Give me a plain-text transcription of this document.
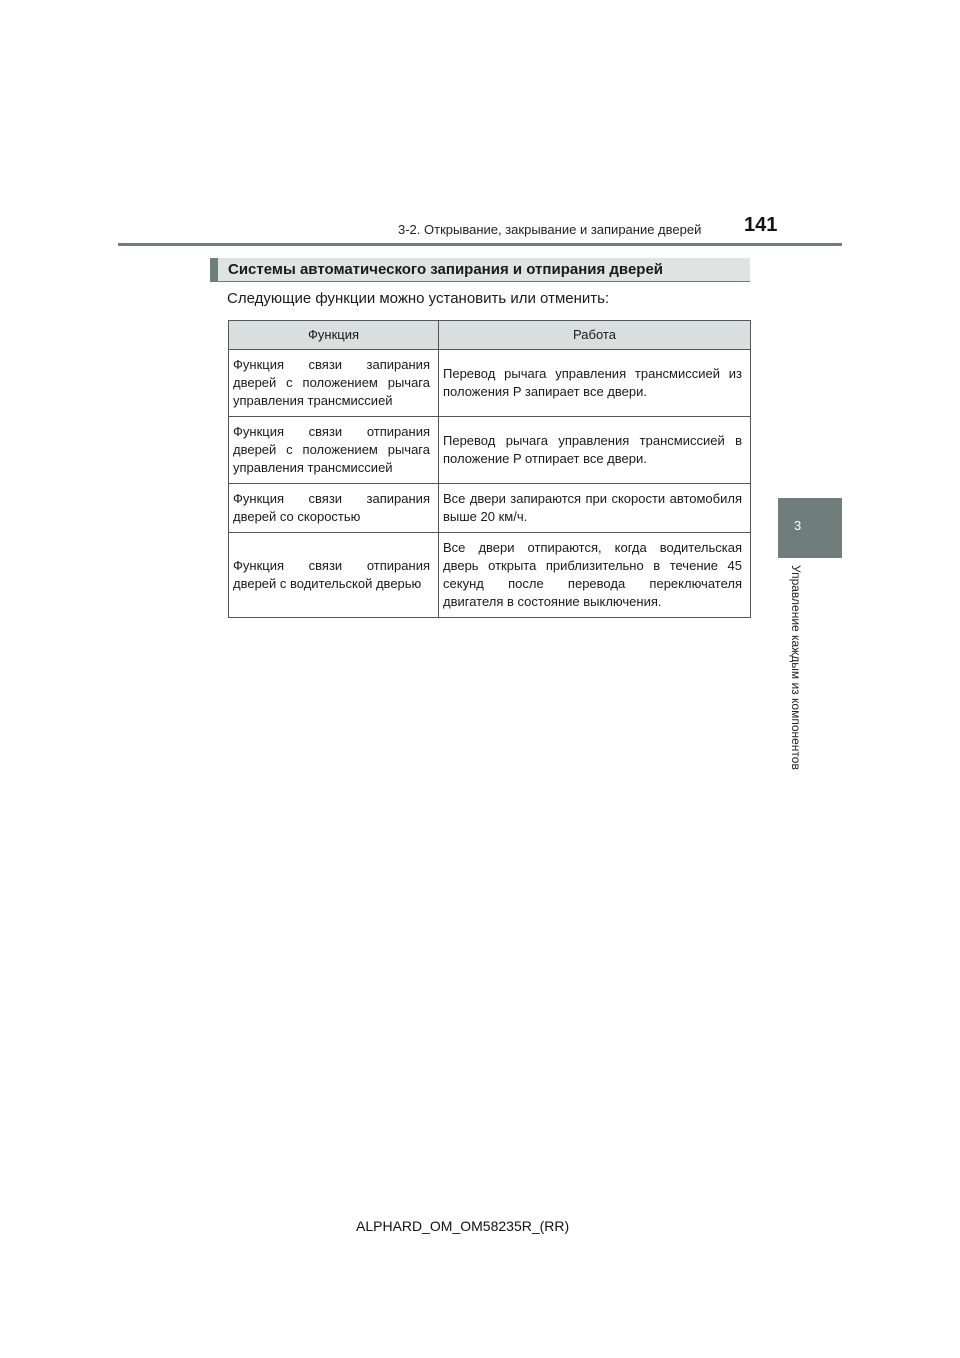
3-2. Открывание, закрывание и запирание дверей 141
3
Управление каждым из компонентов
Системы автоматического запирания и отпирания дверей
Следующие функции можно установить или отменить:
Функция	Работа
Функция связи запирания дверей с положением рычага управления трансмиссией	Перевод рычага управления трансмиссией из положения P запирает все двери.
Функция связи отпирания дверей с положением рычага управления трансмиссией	Перевод рычага управления трансмиссией в положение P отпирает все двери.
Функция связи запирания дверей со скоростью	Все двери запираются при скорости автомобиля выше 20 км/ч.
Функция связи отпирания дверей с водительской дверью	Все двери отпираются, когда водительская дверь открыта приблизительно в течение 45 секунд после перевода переключателя двигателя в состояние выключения.
ALPHARD_OM_OM58235R_(RR)
